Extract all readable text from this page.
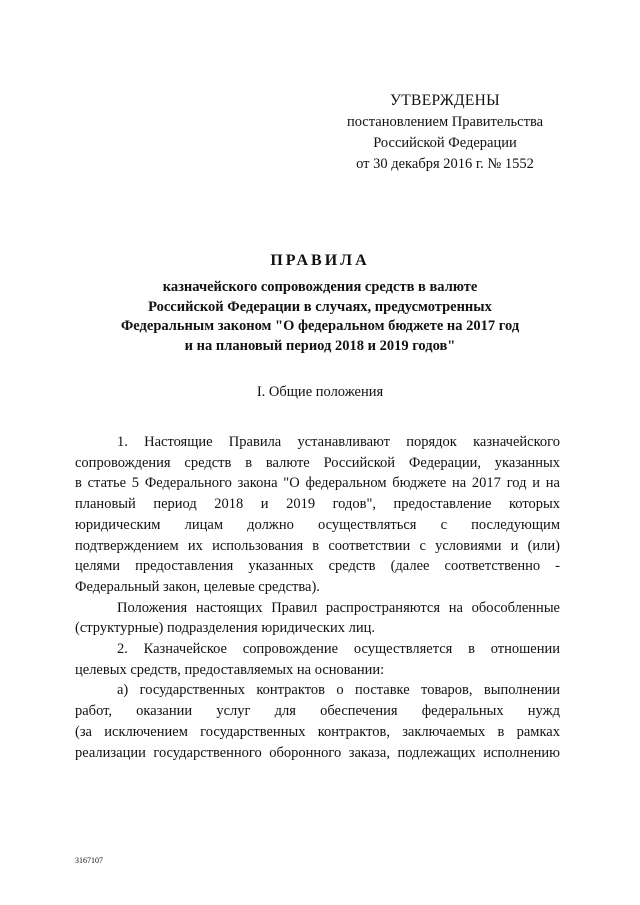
УТВЕРЖДЕНЫ
постановлением Правительства
Российской Федерации
от 30 декабря 2016 г. № 1552
ПРАВИЛА
казначейского сопровождения средств в валюте
Российской Федерации в случаях, предусмотренных
Федеральным законом "О федеральном бюджете на 2017 год
и на плановый период 2018 и 2019 годов"
I. Общие положения
1. Настоящие Правила устанавливают порядок казначейского
сопровождения средств в валюте Российской Федерации, указанных
в статье 5 Федерального закона "О федеральном бюджете на 2017 год и на
плановый период 2018 и 2019 годов", предоставление которых
юридическим лицам должно осуществляться с последующим
подтверждением их использования в соответствии с условиями и (или)
целями предоставления указанных средств (далее соответственно -
Федеральный закон, целевые средства).
Положения настоящих Правил распространяются на обособленные
(структурные) подразделения юридических лиц.
2. Казначейское сопровождение осуществляется в отношении
целевых средств, предоставляемых на основании:
а) государственных контрактов о поставке товаров, выполнении
работ, оказании услуг для обеспечения федеральных нужд
(за исключением государственных контрактов, заключаемых в рамках
реализации государственного оборонного заказа, подлежащих исполнению
3167107
